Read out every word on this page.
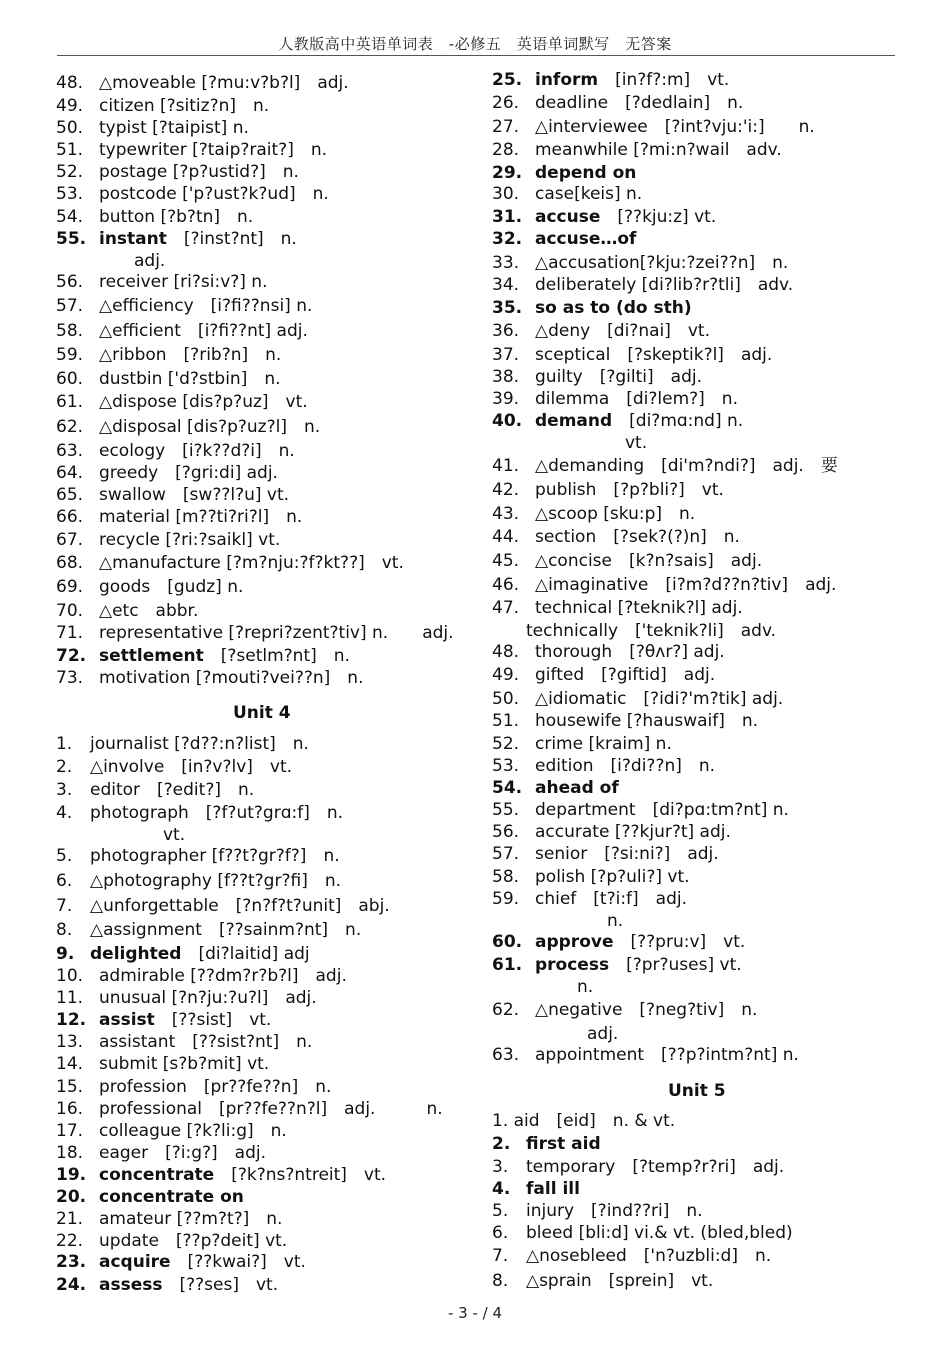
人教版高中英语单词表　-必修五　英语单词默写　无答案
48. △moveable [?mu:v?b?l]　adj.
49. citizen [?sitiz?n]　n.
50. typist [?taipist] n.
51. typewriter [?taip?rait?]　n.
52. postage [?p?ustid?]　n.
53. postcode ['p?ust?k?ud]　n.
54. button [?b?tn]　n.
55. instant　[?inst?nt]　n.
adj.
56. receiver [ri?si:v?] n.
57. △efficiency　[i?fi??nsi] n.
58. △efficient　[i?fi??nt] adj.
59. △ribbon　[?rib?n]　n.
60. dustbin ['d?stbin]　n.
61. △dispose [dis?p?uz]　vt.
62. △disposal [dis?p?uz?l]　n.
63. ecology　[i?k??d?i]　n.
64. greedy　[?gri:di] adj.
65. swallow　[sw??l?u] vt.
66. material [m??ti?ri?l]　n.
67. recycle [?ri:?saikl] vt.
68. △manufacture [?m?nju:?f?kt??]　vt.
69. goods　[gudz] n.
70. △etc　abbr.
71. representative [?repri?zent?tiv] n.　　adj.
72. settlement　[?setlm?nt]　n.
73. motivation [?mouti?vei??n]　n.
Unit 4
1. journalist [?d??:n?list]　n.
2. △involve　[in?v?lv]　vt.
3. editor　[?edit?]　n.
4. photograph　[?f?ut?grɑ:f]　n.
vt.
5. photographer [f??t?gr?f?]　n.
6. △photography [f??t?gr?fi]　n.
7. △unforgettable　[?n?f?t?unit]　abj.
8. △assignment　[??sainm?nt]　n.
9. delighted　[di?laitid] adj
10. admirable [??dm?r?b?l]　adj.
11. unusual [?n?ju:?u?l]　adj.
12. assist　[??sist]　vt.
13. assistant　[??sist?nt]　n.
14. submit [s?b?mit] vt.
15. profession　[pr??fe??n]　n.
16. professional　[pr??fe??n?l]　adj.　　　n.
17. colleague [?k?li:g]　n.
18. eager　[?i:g?]　adj.
19. concentrate　[?k?ns?ntreit]　vt.
20. concentrate on
21. amateur [??m?t?]　n.
22. update　[??p?deit] vt.
23. acquire　[??kwai?]　vt.
24. assess　[??ses]　vt.
25. inform　[in?f?:m]　vt.
26. deadline　[?dedlain]　n.
27. △interviewee　[?int?vju:'i:]　　n.
28. meanwhile [?mi:n?wail　adv.
29. depend on
30. case[keis] n.
31. accuse　[??kju:z] vt.
32. accuse…of
33. △accusation[?kju:?zei??n]　n.
34. deliberately [di?lib?r?tli]　adv.
35. so as to (do sth)
36. △deny　[di?nai]　vt.
37. sceptical　[?skeptik?l]　adj.
38. guilty　[?gilti]　adj.
39. dilemma　[di?lem?]　n.
40. demand　[di?mɑ:nd] n.
vt.
41. △demanding　[di'm?ndi?]　adj.　要
42. publish　[?p?bli?]　vt.
43. △scoop [sku:p]　n.
44. section　[?sek?(?)n]　n.
45. △concise　[k?n?sais]　adj.
46. △imaginative　[i?m?d??n?tiv]　adj.
47. technical [?teknik?l] adj.
technically　['teknik?li]　adv.
48. thorough　[?θʌr?] adj.
49. gifted　[?giftid]　adj.
50. △idiomatic　[?idi?'m?tik] adj.
51. housewife [?hauswaif]　n.
52. crime [kraim] n.
53. edition　[i?di??n]　n.
54. ahead of
55. department　[di?pɑ:tm?nt] n.
56. accurate [??kjur?t] adj.
57. senior　[?si:ni?]　adj.
58. polish [?p?uli?] vt.
59. chief　[t?i:f]　adj.
n.
60. approve　[??pru:v]　vt.
61. process　[?pr?uses] vt.
n.
62. △negative　[?neg?tiv]　n.
adj.
63. appointment　[??p?intm?nt] n.
Unit 5
1. aid　[eid]　n. & vt.
2. first aid
3. temporary　[?temp?r?ri]　adj.
4. fall ill
5. injury　[?ind??ri]　n.
6. bleed [bli:d] vi.& vt. (bled,bled)
7. △nosebleed　['n?uzbli:d]　n.
8. △sprain　[sprein]　vt.
- 3 - / 4
